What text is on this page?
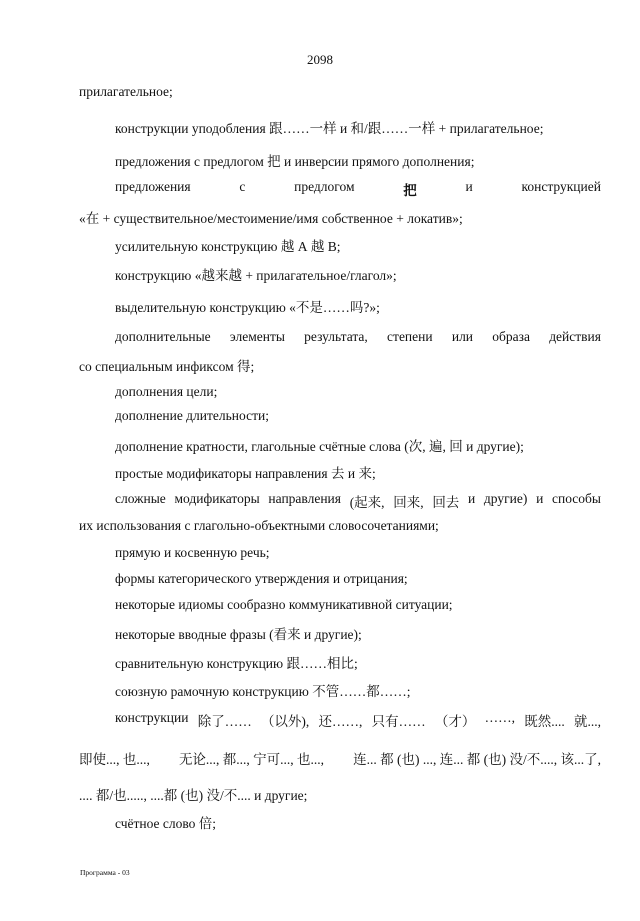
2098
прилагательное;
конструкции уподобления 跟……一样 и 和/跟……一样 + прилагательное;
предложения с предлогом 把 и инверсии прямого дополнения;
предложения	с	предлогом	把	и	конструкцией
«在 + существительное/местоимение/имя собственное + локатив»;
усилительную конструкцию 越 А 越 В;
конструкцию «越来越 + прилагательное/глагол»;
выделительную конструкцию «不是……吗?»;
дополнительные элементы результата, степени или образа действия
со специальным инфиксом 得;
дополнения цели;
дополнение длительности;
дополнение кратности, глагольные счётные слова (次, 遍, 回 и другие);
простые модификаторы направления 去 и 来;
сложные модификаторы направления (起来, 回来, 回去 и другие) и способы
их использования с глагольно-объектными словосочетаниями;
прямую и косвенную речь;
формы категорического утверждения и отрицания;
некоторые идиомы сообразно коммуникативной ситуации;
некоторые вводные фразы (看来 и другие);
сравнительную конструкцию 跟……相比;
союзную рамочную конструкцию 不管……都……;
конструкции 除了…… （以外), 还……, 只有…… （才） ……, 既然.... 就...,
即使..., 也..., 无论..., 都..., 宁可..., 也..., 连... 都 (也) ..., 连... 都 (也) 没/不...., 该...了,
.... 都/也....., ....都 (也) 没/不.... и другие;
счётное слово 倍;
Программа - 03
